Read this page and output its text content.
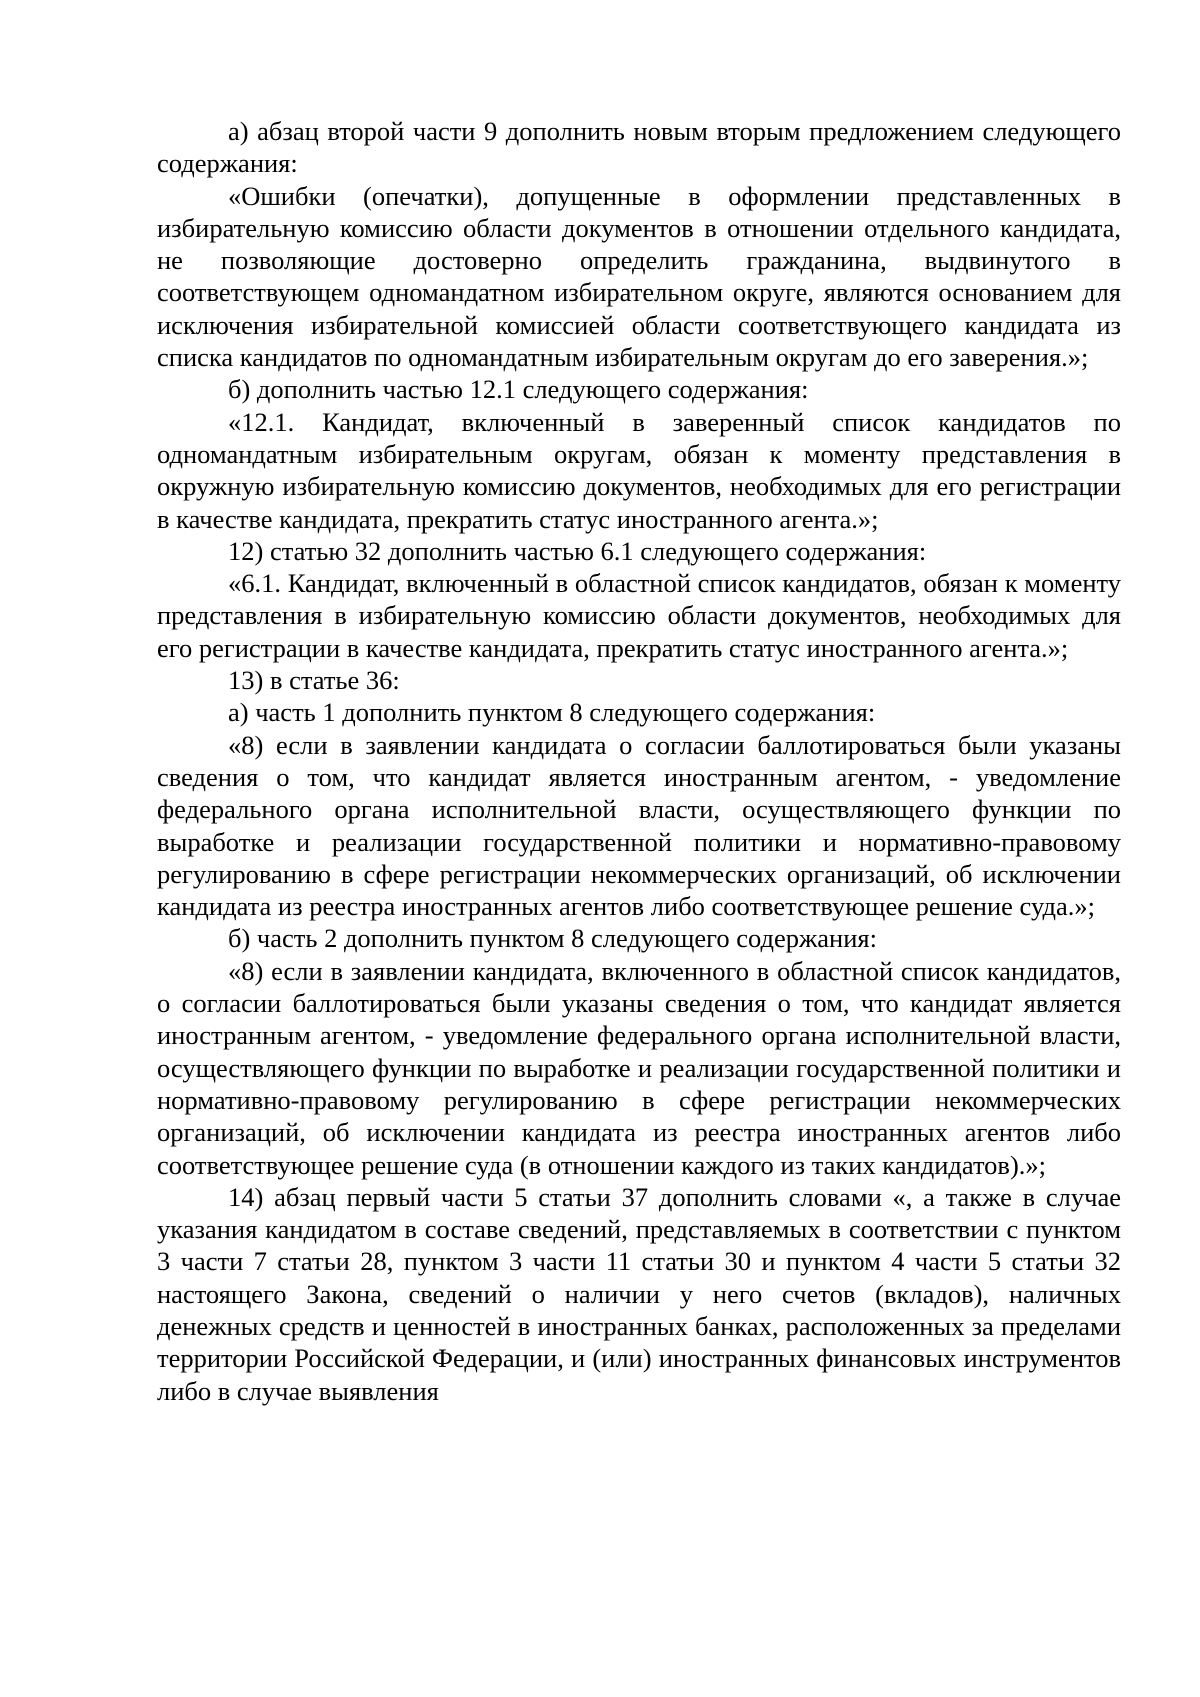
а) абзац второй части 9 дополнить новым вторым предложением следующего содержания:

«Ошибки (опечатки), допущенные в оформлении представленных в избирательную комиссию области документов в отношении отдельного кандидата, не позволяющие достоверно определить гражданина, выдвинутого в соответствующем одномандатном избирательном округе, являются основанием для исключения избирательной комиссией области соответствующего кандидата из списка кандидатов по одномандатным избирательным округам до его заверения.»;

б) дополнить частью 12.1 следующего содержания:

«12.1. Кандидат, включенный в заверенный список кандидатов по одномандатным избирательным округам, обязан к моменту представления в окружную избирательную комиссию документов, необходимых для его регистрации в качестве кандидата, прекратить статус иностранного агента.»;

12) статью 32 дополнить частью 6.1 следующего содержания:

«6.1. Кандидат, включенный в областной список кандидатов, обязан к моменту представления в избирательную комиссию области документов, необходимых для его регистрации в качестве кандидата, прекратить статус иностранного агента.»;

13) в статье 36:

а) часть 1 дополнить пунктом 8 следующего содержания:

«8) если в заявлении кандидата о согласии баллотироваться были указаны сведения о том, что кандидат является иностранным агентом, - уведомление федерального органа исполнительной власти, осуществляющего функции по выработке и реализации государственной политики и нормативно-правовому регулированию в сфере регистрации некоммерческих организаций, об исключении кандидата из реестра иностранных агентов либо соответствующее решение суда.»;

б) часть 2 дополнить пунктом 8 следующего содержания:

«8) если в заявлении кандидата, включенного в областной список кандидатов, о согласии баллотироваться были указаны сведения о том, что кандидат является иностранным агентом, - уведомление федерального органа исполнительной власти, осуществляющего функции по выработке и реализации государственной политики и нормативно-правовому регулированию в сфере регистрации некоммерческих организаций, об исключении кандидата из реестра иностранных агентов либо соответствующее решение суда (в отношении каждого из таких кандидатов).»;

14) абзац первый части 5 статьи 37 дополнить словами «, а также в случае указания кандидатом в составе сведений, представляемых в соответствии с пунктом 3 части 7 статьи 28, пунктом 3 части 11 статьи 30 и пунктом 4 части 5 статьи 32 настоящего Закона, сведений о наличии у него счетов (вкладов), наличных денежных средств и ценностей в иностранных банках, расположенных за пределами территории Российской Федерации, и (или) иностранных финансовых инструментов либо в случае выявления
